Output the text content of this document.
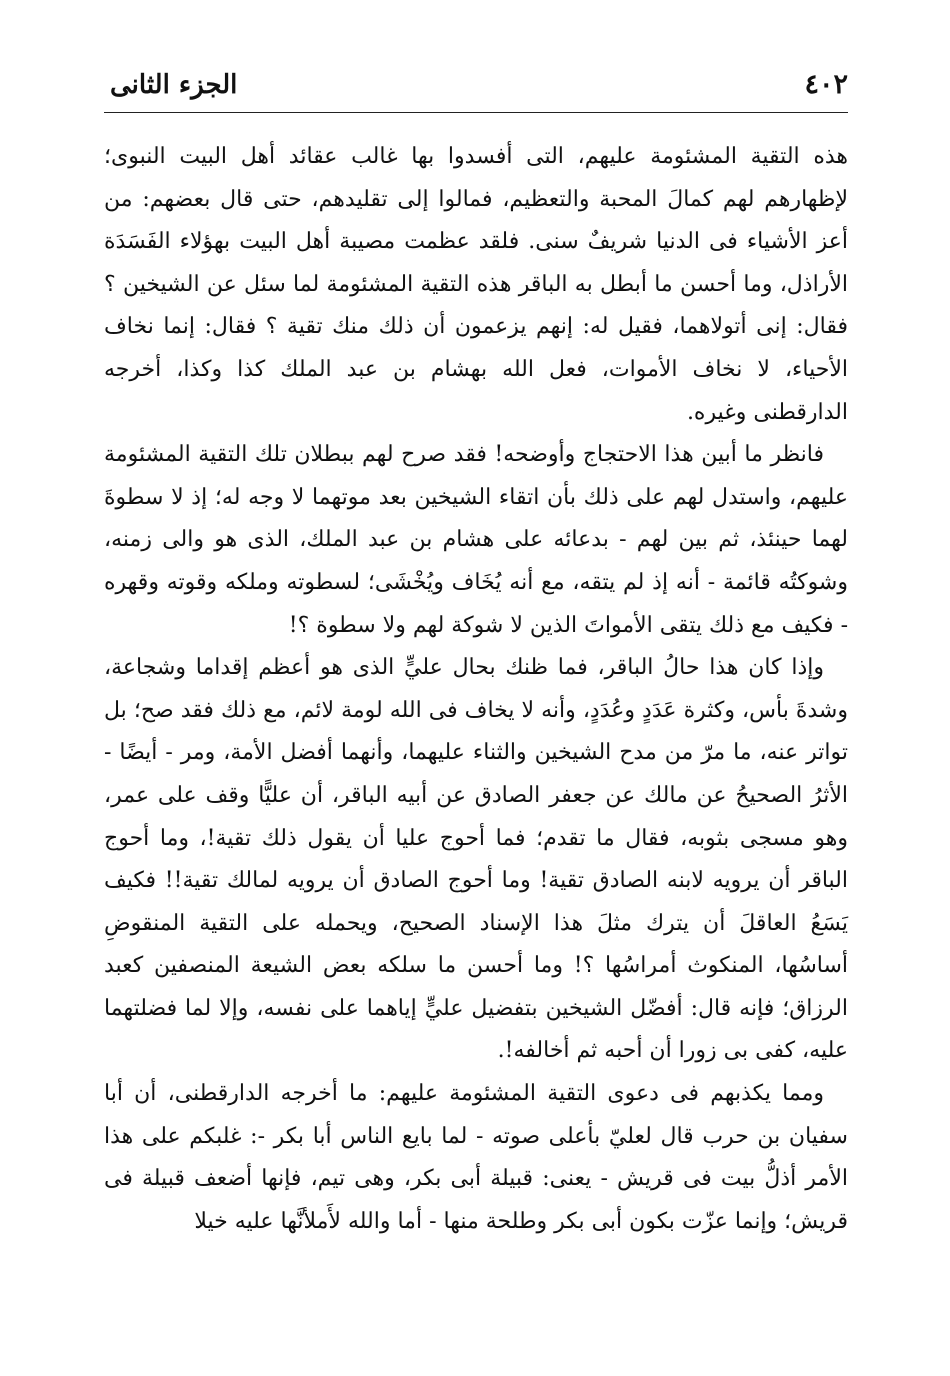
٤٠٢
الجزء الثانى

هذه التقية المشئومة عليهم، التى أفسدوا بها غالب عقائد أهل البيت النبوى؛ لإظهارهم لهم كمالَ المحبة والتعظيم، فمالوا إلى تقليدهم، حتى قال بعضهم: من أعز الأشياء فى الدنيا شريفٌ سنى. فلقد عظمت مصيبة أهل البيت بهؤلاء الفَسَدَة الأراذل، وما أحسن ما أبطل به الباقر هذه التقية المشئومة لما سئل عن الشيخين ؟ فقال: إنى أتولاهما، فقيل له: إنهم يزعمون أن ذلك منك تقية ؟ فقال: إنما نخاف الأحياء، لا نخاف الأموات، فعل الله بهشام بن عبد الملك كذا وكذا، أخرجه الدارقطنى وغيره.

فانظر ما أبين هذا الاحتجاج وأوضحه! فقد صرح لهم ببطلان تلك التقية المشئومة عليهم، واستدل لهم على ذلك بأن اتقاء الشيخين بعد موتهما لا وجه له؛ إذ لا سطوةَ لهما حينئذ، ثم بين لهم - بدعائه على هشام بن عبد الملك، الذى هو والى زمنه، وشوكتُه قائمة - أنه إذ لم يتقه، مع أنه يُخَاف ويُخْشَى؛ لسطوته وملكه وقوته وقهره - فكيف مع ذلك يتقى الأمواتَ الذين لا شوكة لهم ولا سطوة ؟!

وإذا كان هذا حالُ الباقر، فما ظنك بحال عليٍّ الذى هو أعظم إقداما وشجاعة، وشدةَ بأس، وكثرة عَدَدٍ وعُدَدٍ، وأنه لا يخاف فى الله لومة لائم، مع ذلك فقد صح؛ بل تواتر عنه، ما مرّ من مدح الشيخين والثناء عليهما، وأنهما أفضل الأمة، ومر - أيضًا - الأثرُ الصحيحُ عن مالك عن جعفر الصادق عن أبيه الباقر، أن عليًّا وقف على عمر، وهو مسجى بثوبه، فقال ما تقدم؛ فما أحوج عليا أن يقول ذلك تقية!، وما أحوج الباقر أن يرويه لابنه الصادق تقية! وما أحوج الصادق أن يرويه لمالك تقية!! فكيف يَسَعُ العاقلَ أن يترك مثلَ هذا الإسناد الصحيح، ويحمله على التقية المنقوضِ أساسُها، المنكوث أمراسُها ؟! وما أحسن ما سلكه بعض الشيعة المنصفين كعبد الرزاق؛ فإنه قال: أفضّل الشيخين بتفضيل عليٍّ إياهما على نفسه، وإلا لما فضلتهما عليه، كفى بى زورا أن أحبه ثم أخالفه!.

ومما يكذبهم فى دعوى التقية المشئومة عليهم: ما أخرجه الدارقطنى، أن أبا سفيان بن حرب قال لعليّ بأعلى صوته - لما بايع الناس أبا بكر -: غلبكم على هذا الأمر أذلُّ بيت فى قريش - يعنى: قبيلة أبى بكر، وهى تيم، فإنها أضعف قبيلة فى قريش؛ وإنما عزّت بكون أبى بكر وطلحة منها - أما والله لأَملأنَّها عليه خيلا
